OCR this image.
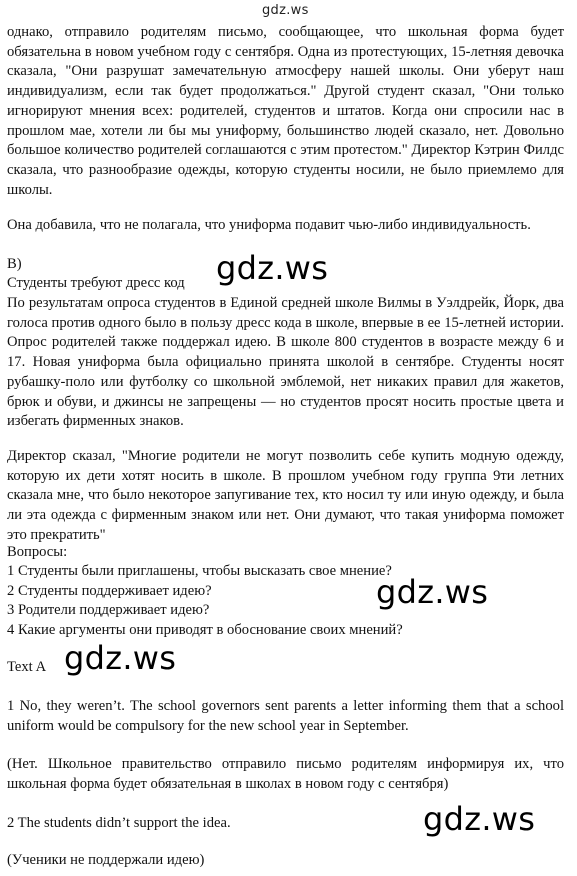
gdz.ws

однако, отправило родителям письмо, сообщающее, что школьная форма будет обязательна в новом учебном году с сентября. Одна из протестующих, 15-летняя девочка сказала, "Они разрушат замечательную атмосферу нашей школы. Они уберут наш индивидуализм, если так будет продолжаться." Другой студент сказал, "Они только игнорируют мнения всех: родителей, студентов и штатов. Когда они спросили нас в прошлом мае, хотели ли бы мы униформу, большинство людей сказало, нет. Довольно большое количество родителей соглашаются с этим протестом." Директор Кэтрин Филдс сказала, что разнообразие одежды, которую студенты носили, не было приемлемо для школы.

Она добавила, что не полагала, что униформа подавит чью-либо индивидуальность.

B)

Студенты требуют дресс код

По результатам опроса студентов в Единой средней школе Вилмы в Уэлдрейк, Йорк, два голоса против одного было в пользу дресс кода в школе, впервые в ее 15-летней истории. Опрос родителей также поддержал идею. В школе 800 студентов в возрасте между 6 и 17. Новая униформа была официально принята школой в сентябре. Студенты носят рубашку-поло или футболку со школьной эмблемой, нет никаких правил для жакетов, брюк и обуви, и джинсы не запрещены — но студентов просят носить простые цвета и избегать фирменных знаков.

Директор сказал, "Многие родители не могут позволить себе купить модную одежду, которую их дети хотят носить в школе. В прошлом учебном году группа 9ти летних сказала мне, что было некоторое запугивание тех, кто носил ту или иную одежду, и была ли эта одежда с фирменным знаком или нет. Они думают, что такая униформа поможет это прекратить"

Вопросы:

1 Студенты были приглашены, чтобы высказать свое мнение?

2 Студенты поддерживает идею?

3 Родители поддерживает идею?

4 Какие аргументы они приводят в обоснование своих мнений?

Text A

1 No, they weren’t. The school governors sent parents a letter informing them that a school uniform would be compulsory for the new school year in September.

(Нет. Школьное правительство отправило письмо родителям информируя их, что школьная форма будет обязательная в школах в новом году с сентября)

2 The students didn’t support the idea.

(Ученики не поддержали идею)

gdz.ws
gdz.ws
gdz.ws
gdz.ws
